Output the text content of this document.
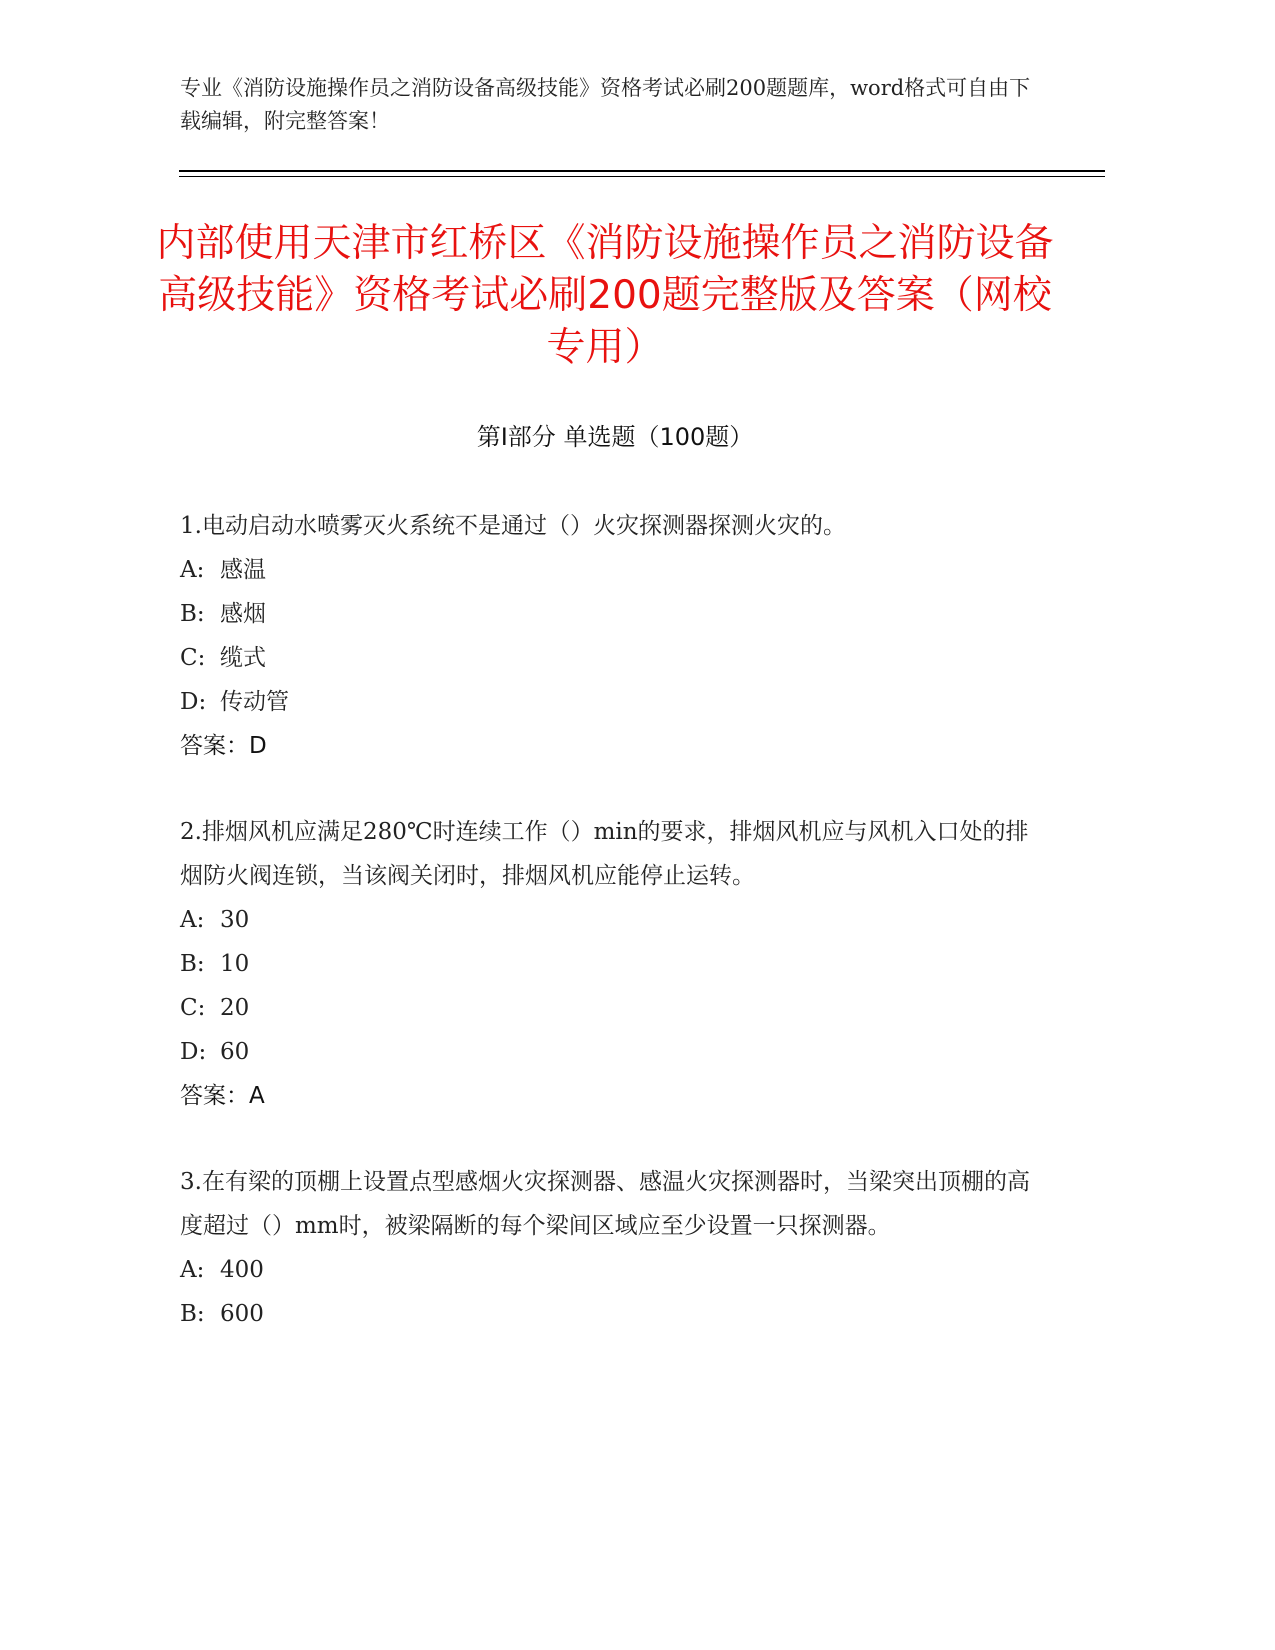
专业《消防设施操作员之消防设备高级技能》资格考试必刷200题题库，word格式可自由下载编辑，附完整答案！

内部使用天津市红桥区《消防设施操作员之消防设备高级技能》资格考试必刷200题完整版及答案（网校专用）
第Ⅰ部分 单选题（100题）

1.电动启动水喷雾灭火系统不是通过（）火灾探测器探测火灾的。

A: 感温
B: 感烟
C: 缆式
D: 传动管

答案：D

2.排烟风机应满足280℃时连续工作（）min的要求，排烟风机应与风机入口处的排烟防火阀连锁，当该阀关闭时，排烟风机应能停止运转。

A: 30
B: 10
C: 20
D: 60

答案：A

3.在有梁的顶棚上设置点型感烟火灾探测器、感温火灾探测器时，当梁突出顶棚的高度超过（）mm时，被梁隔断的每个梁间区域应至少设置一只探测器。

A: 400
B: 600
